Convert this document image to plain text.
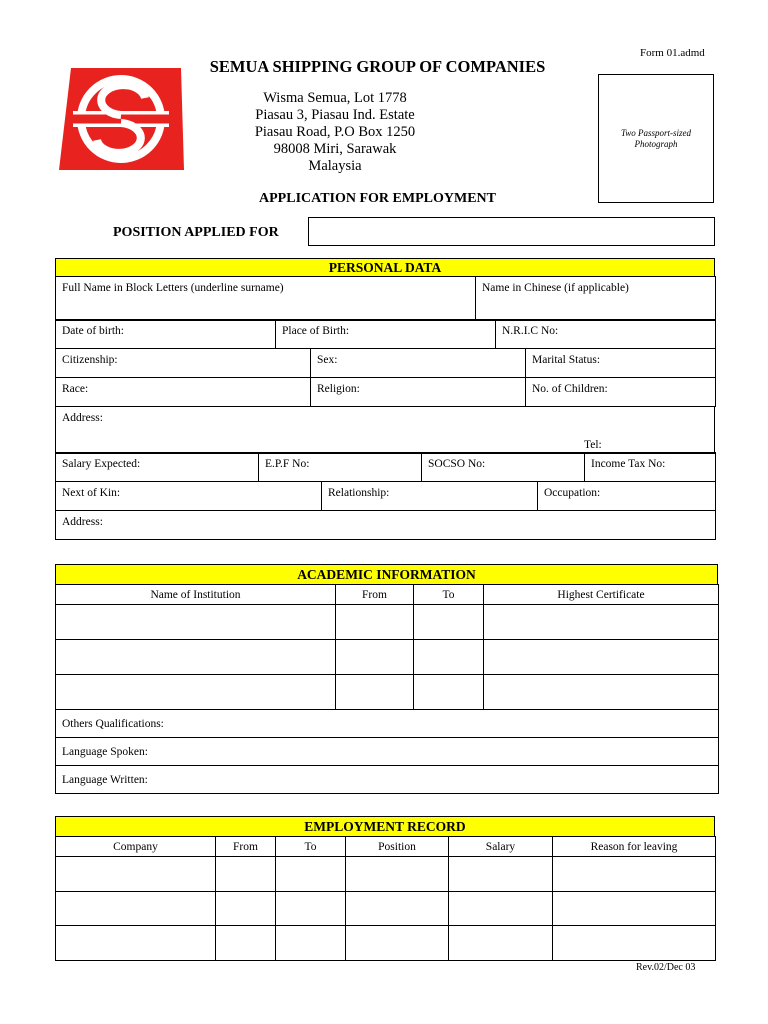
Form 01.admd
SEMUA SHIPPING GROUP OF COMPANIES
Wisma Semua, Lot 1778
Piasau 3, Piasau Ind. Estate
Piasau Road, P.O Box 1250
98008 Miri, Sarawak
Malaysia
Two Passport-sized Photograph
APPLICATION FOR EMPLOYMENT
POSITION APPLIED FOR
PERSONAL DATA
Full Name in Block Letters (underline surname)	Name in Chinese (if applicable)
Date of birth:	Place of Birth:	N.R.I.C No:
Citizenship:	Sex:	Marital Status:
Race:	Religion:	No. of Children:
Address:
Tel:
Salary Expected:	E.P.F No:	SOCSO No:	Income Tax No:
Next of Kin:	Relationship:	Occupation:
Address:
ACADEMIC INFORMATION
Name of Institution	From	To	Highest Certificate

Others Qualifications:			
Language Spoken:			
Language Written:			
EMPLOYMENT RECORD
Company	From	To	Position	Salary	Reason for leaving

Rev.02/Dec 03
